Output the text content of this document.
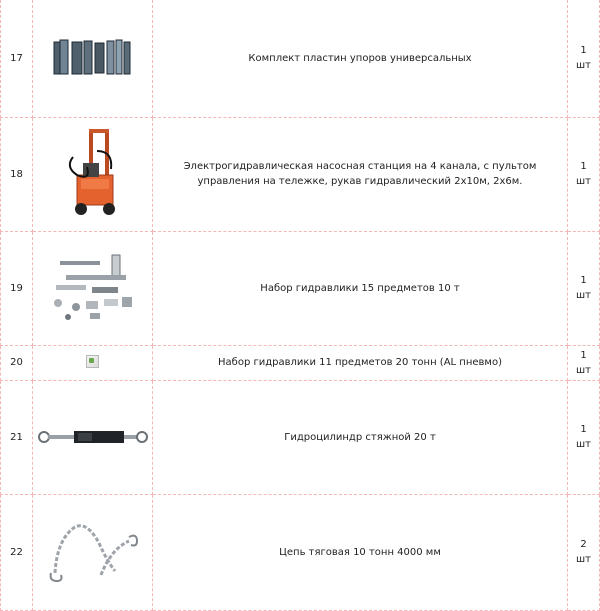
17		Комплект пластин упоров универсальных	1
шт

18		Электрогидравлическая насосная станция на 4 канала, с пультом управления на тележке, рукав гидравлический 2х10м, 2х6м.	1
шт

19		Набор гидравлики 15 предметов 10 т	1
шт

20		Набор гидравлики 11 предметов 20 тонн (AL пневмо)	1
шт

21		Гидроцилиндр стяжной 20 т	1
шт

22		Цепь тяговая 10 тонн 4000 мм	2
шт
